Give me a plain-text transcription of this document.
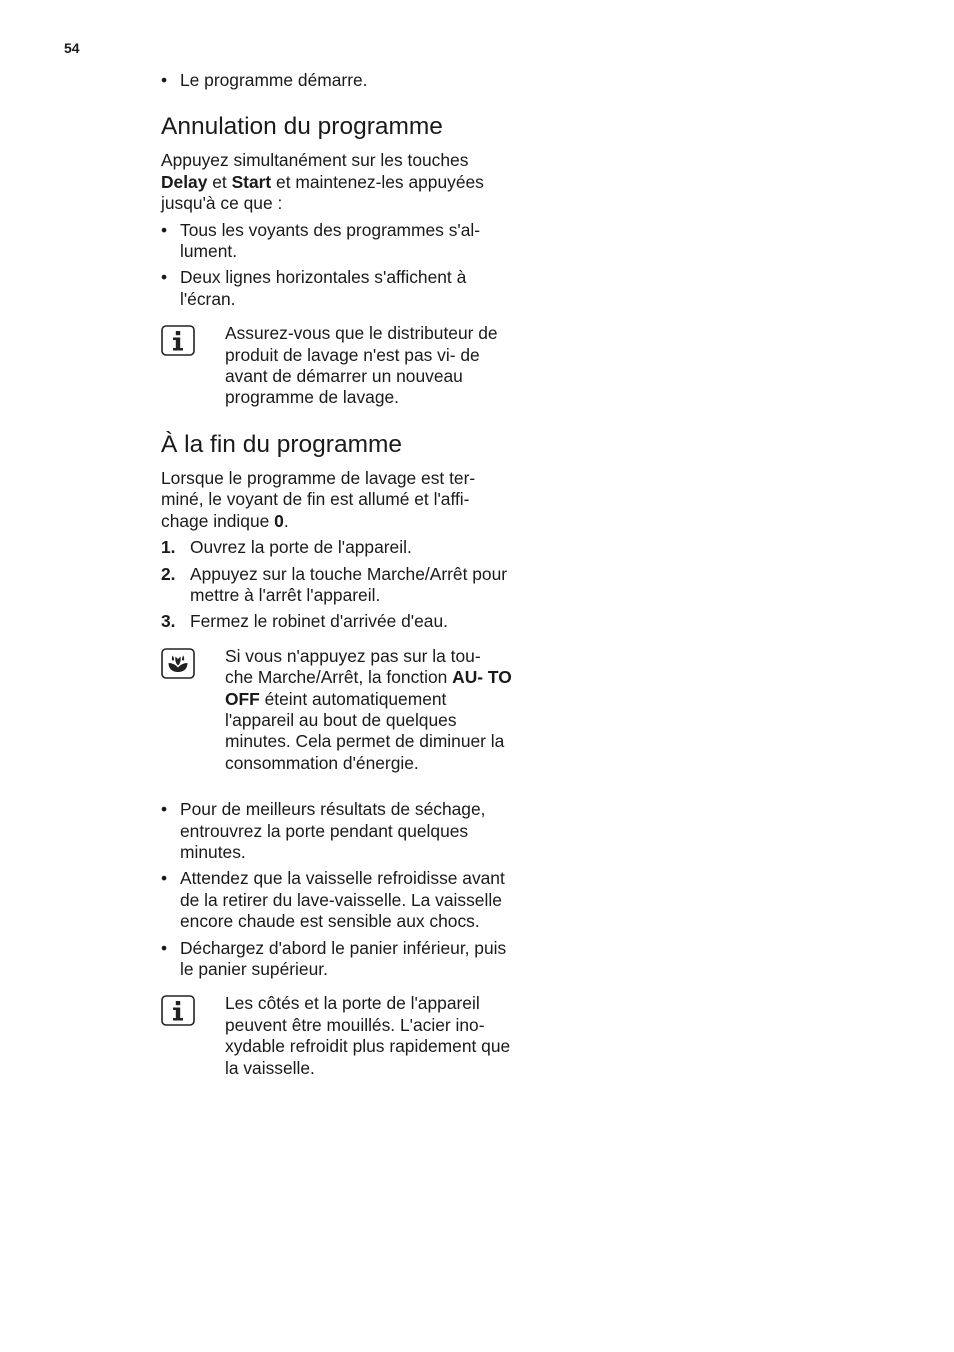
54
• Le programme démarre.
Annulation du programme

Appuyez simultanément sur les touches Delay et Start et maintenez-les appuyées jusqu'à ce que :

• Tous les voyants des programmes s'al- lument.
• Deux lignes horizontales s'affichent à l'écran.

Assurez-vous que le distributeur de produit de lavage n'est pas vi- de avant de démarrer un nouveau programme de lavage.

À la fin du programme

Lorsque le programme de lavage est ter- miné, le voyant de fin est allumé et l'affi- chage indique 0.

1. Ouvrez la porte de l'appareil.
2. Appuyez sur la touche Marche/Arrêt pour mettre à l'arrêt l'appareil.
3. Fermez le robinet d'arrivée d'eau.

Si vous n'appuyez pas sur la tou- che Marche/Arrêt, la fonction AU- TO OFF éteint automatiquement l'appareil au bout de quelques minutes. Cela permet de diminuer la consommation d'énergie.

• Pour de meilleurs résultats de séchage, entrouvrez la porte pendant quelques minutes.
• Attendez que la vaisselle refroidisse avant de la retirer du lave-vaisselle. La vaisselle encore chaude est sensible aux chocs.
• Déchargez d'abord le panier inférieur, puis le panier supérieur.

Les côtés et la porte de l'appareil peuvent être mouillés. L'acier ino- xydable refroidit plus rapidement que la vaisselle.
